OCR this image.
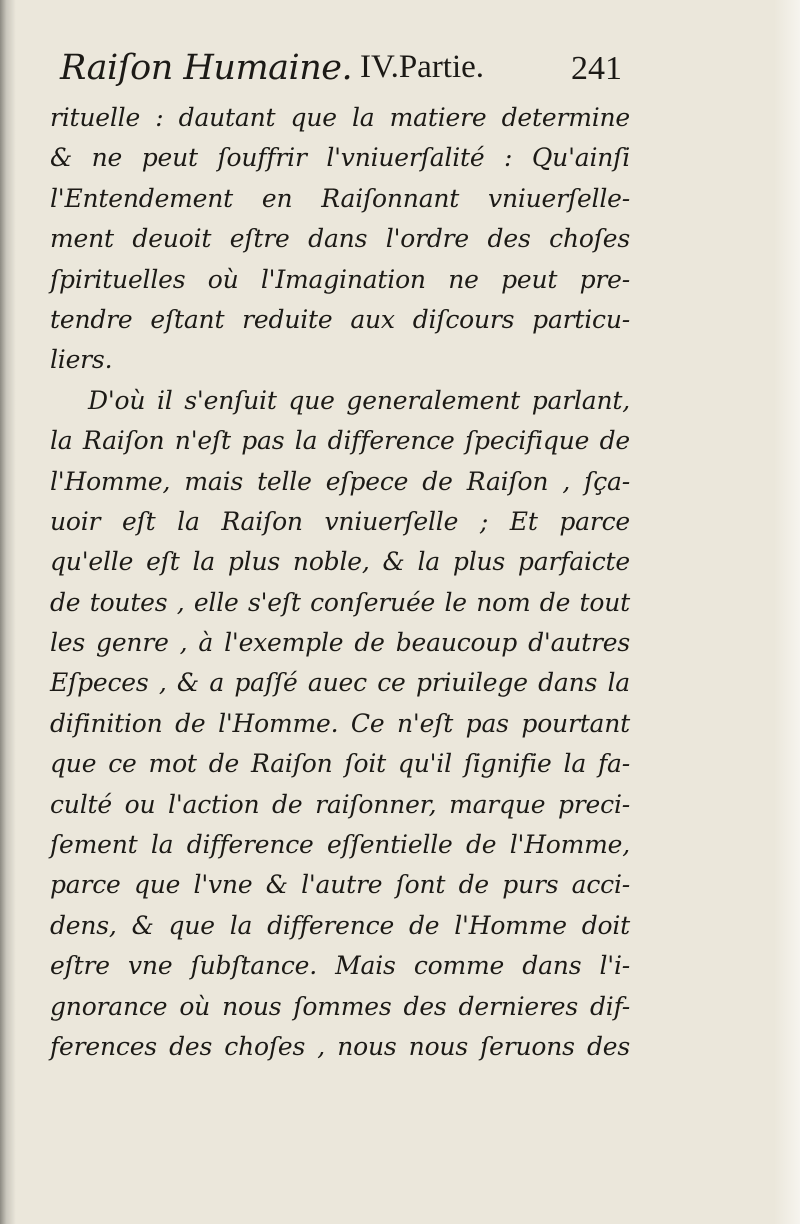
Raiſon Humaine. IV.Partie.	241
rituelle : dautant que la matiere determine
& ne peut ſouffrir l'vniuerſalité : Qu'ainſi
l'Entendement en Raiſonnant vniuerſelle-
ment deuoit eſtre dans l'ordre des choſes
ſpirituelles où l'Imagination ne peut pre-
tendre eſtant reduite aux diſcours particu-
liers.
D'où il s'enſuit que generalement parlant,
la Raiſon n'eſt pas la difference ſpecifique de
l'Homme, mais telle eſpece de Raiſon , ſça-
uoir eſt la Raiſon vniuerſelle ; Et parce
qu'elle eſt la plus noble, & la plus parfaicte
de toutes , elle s'eſt conſeruée le nom de tout
les genre , à l'exemple de beaucoup d'autres
Eſpeces , & a paſſé auec ce priuilege dans la
difinition de l'Homme. Ce n'eſt pas pourtant
que ce mot de Raiſon ſoit qu'il ſignifie la fa-
culté ou l'action de raiſonner, marque preci-
ſement la difference eſſentielle de l'Homme,
parce que l'vne & l'autre ſont de purs acci-
dens, & que la difference de l'Homme doit
eſtre vne ſubſtance. Mais comme dans l'i-
gnorance où nous ſommes des dernieres dif-
ferences des choſes , nous nous ſeruons des
